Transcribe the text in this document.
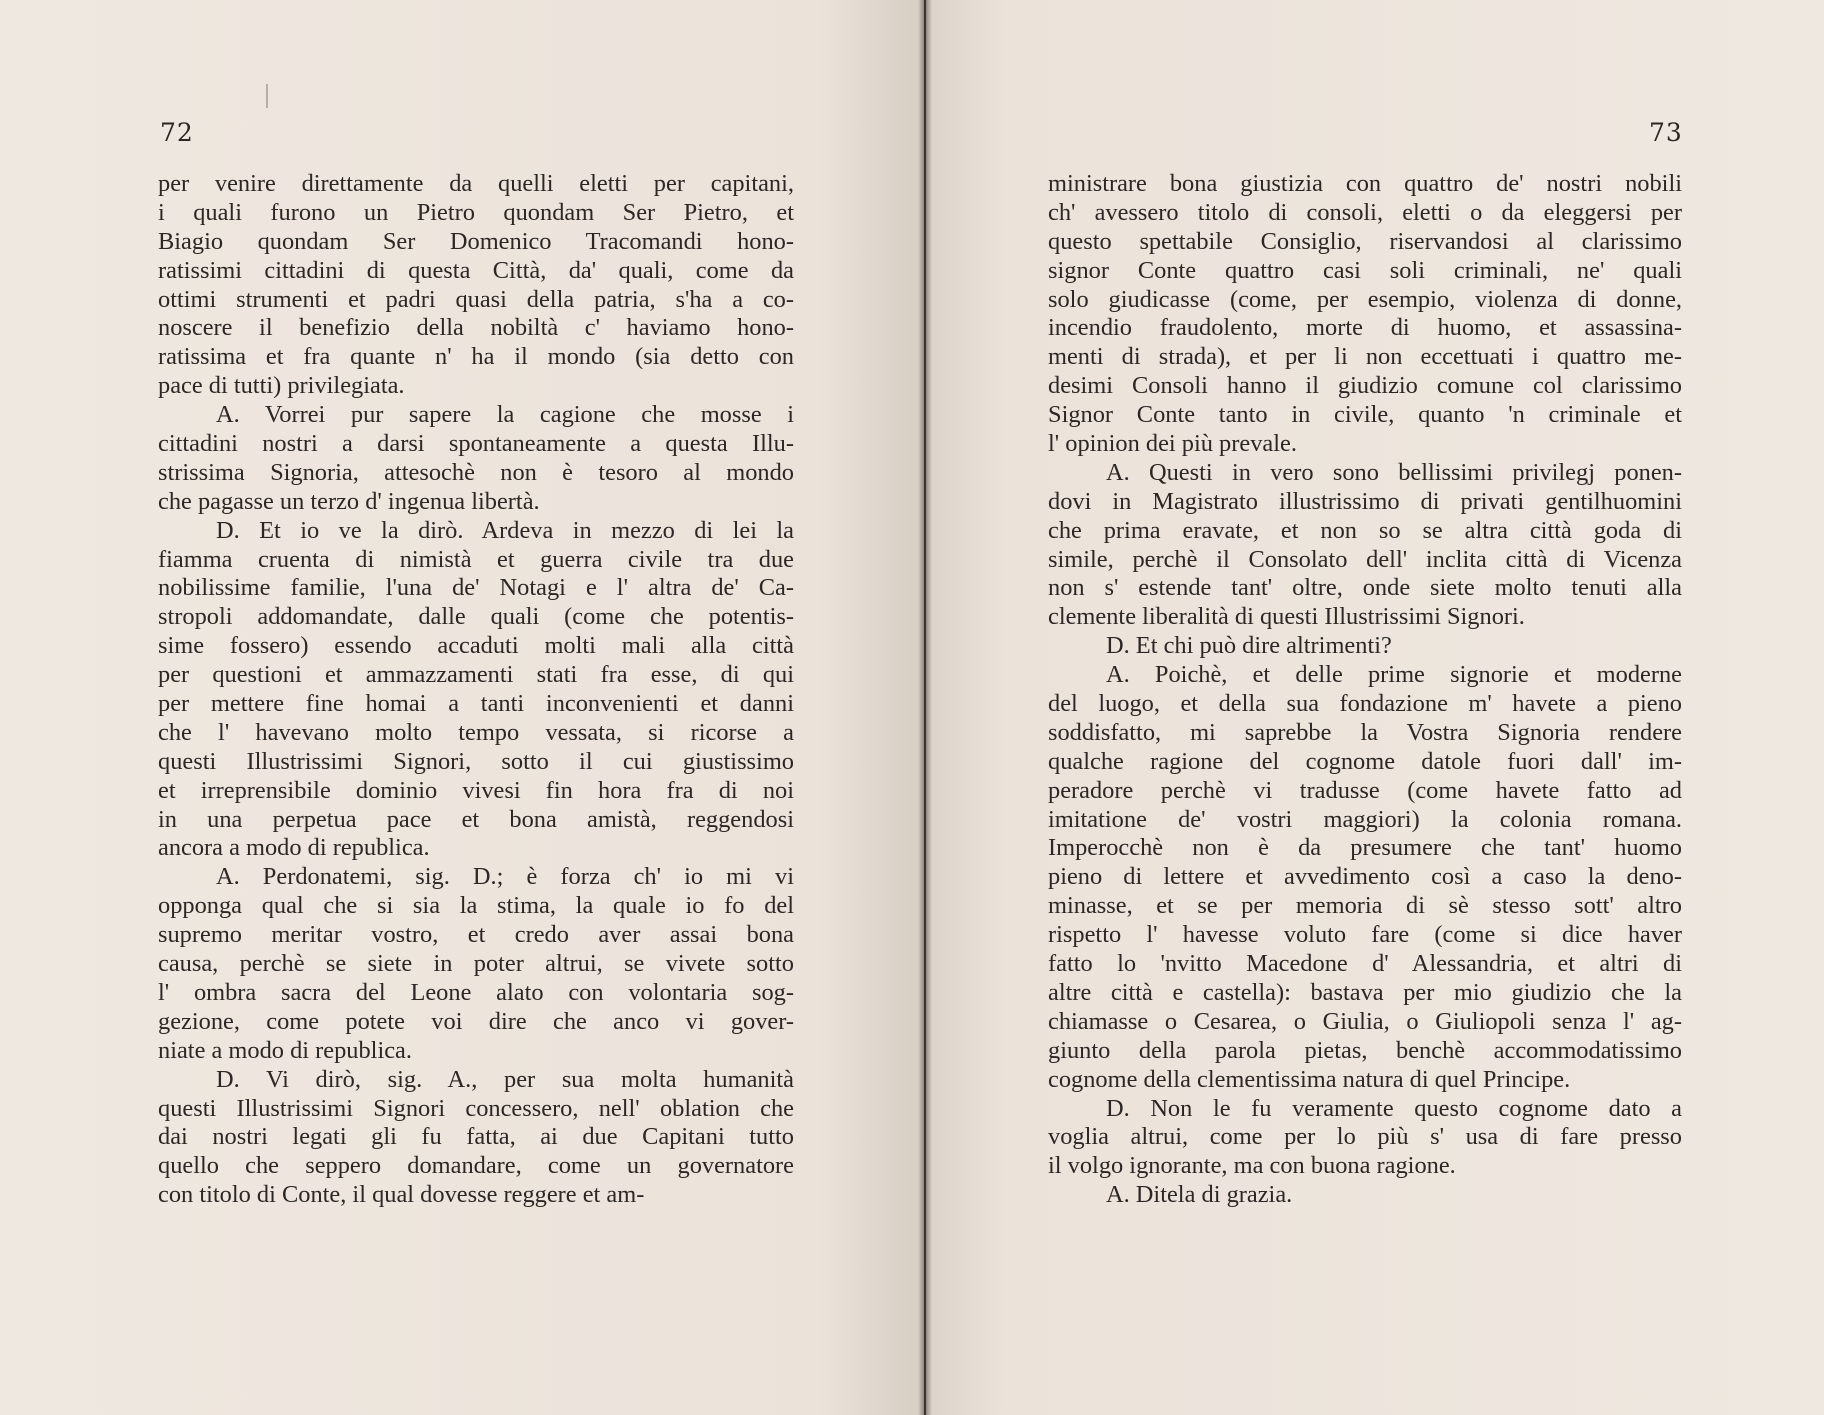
72
per venire direttamente da quelli eletti per capitani,
i quali furono un Pietro quondam Ser Pietro, et
Biagio quondam Ser Domenico Tracomandi hono-
ratissimi cittadini di questa Città, da' quali, come da
ottimi strumenti et padri quasi della patria, s'ha a co-
noscere il benefizio della nobiltà c' haviamo hono-
ratissima et fra quante n' ha il mondo (sia detto con
pace di tutti) privilegiata.
A. Vorrei pur sapere la cagione che mosse i
cittadini nostri a darsi spontaneamente a questa Illu-
strissima Signoria, attesochè non è tesoro al mondo
che pagasse un terzo d' ingenua libertà.
D. Et io ve la dirò. Ardeva in mezzo di lei la
fiamma cruenta di nimistà et guerra civile tra due
nobilissime familie, l'una de' Notagi e l' altra de' Ca-
stropoli addomandate, dalle quali (come che potentis-
sime fossero) essendo accaduti molti mali alla città
per questioni et ammazzamenti stati fra esse, di qui
per mettere fine homai a tanti inconvenienti et danni
che l' havevano molto tempo vessata, si ricorse a
questi Illustrissimi Signori, sotto il cui giustissimo
et irreprensibile dominio vivesi fin hora fra di noi
in una perpetua pace et bona amistà, reggendosi
ancora a modo di republica.
A. Perdonatemi, sig. D.; è forza ch' io mi vi
opponga qual che si sia la stima, la quale io fo del
supremo meritar vostro, et credo aver assai bona
causa, perchè se siete in poter altrui, se vivete sotto
l' ombra sacra del Leone alato con volontaria sog-
gezione, come potete voi dire che anco vi gover-
niate a modo di republica.
D. Vi dirò, sig. A., per sua molta humanità
questi Illustrissimi Signori concessero, nell' oblation che
dai nostri legati gli fu fatta, ai due Capitani tutto
quello che seppero domandare, come un governatore
con titolo di Conte, il qual dovesse reggere et am-
73
ministrare bona giustizia con quattro de' nostri nobili
ch' avessero titolo di consoli, eletti o da eleggersi per
questo spettabile Consiglio, riservandosi al clarissimo
signor Conte quattro casi soli criminali, ne' quali
solo giudicasse (come, per esempio, violenza di donne,
incendio fraudolento, morte di huomo, et assassina-
menti di strada), et per li non eccettuati i quattro me-
desimi Consoli hanno il giudizio comune col clarissimo
Signor Conte tanto in civile, quanto 'n criminale et
l' opinion dei più prevale.
A. Questi in vero sono bellissimi privilegj ponen-
dovi in Magistrato illustrissimo di privati gentilhuomini
che prima eravate, et non so se altra città goda di
simile, perchè il Consolato dell' inclita città di Vicenza
non s' estende tant' oltre, onde siete molto tenuti alla
clemente liberalità di questi Illustrissimi Signori.
D. Et chi può dire altrimenti?
A. Poichè, et delle prime signorie et moderne
del luogo, et della sua fondazione m' havete a pieno
soddisfatto, mi saprebbe la Vostra Signoria rendere
qualche ragione del cognome datole fuori dall' im-
peradore perchè vi tradusse (come havete fatto ad
imitatione de' vostri maggiori) la colonia romana.
Imperocchè non è da presumere che tant' huomo
pieno di lettere et avvedimento così a caso la deno-
minasse, et se per memoria di sè stesso sott' altro
rispetto l' havesse voluto fare (come si dice haver
fatto lo 'nvitto Macedone d' Alessandria, et altri di
altre città e castella): bastava per mio giudizio che la
chiamasse o Cesarea, o Giulia, o Giuliopoli senza l' ag-
giunto della parola pietas, benchè accommodatissimo
cognome della clementissima natura di quel Principe.
D. Non le fu veramente questo cognome dato a
voglia altrui, come per lo più s' usa di fare presso
il volgo ignorante, ma con buona ragione.
A. Ditela di grazia.
